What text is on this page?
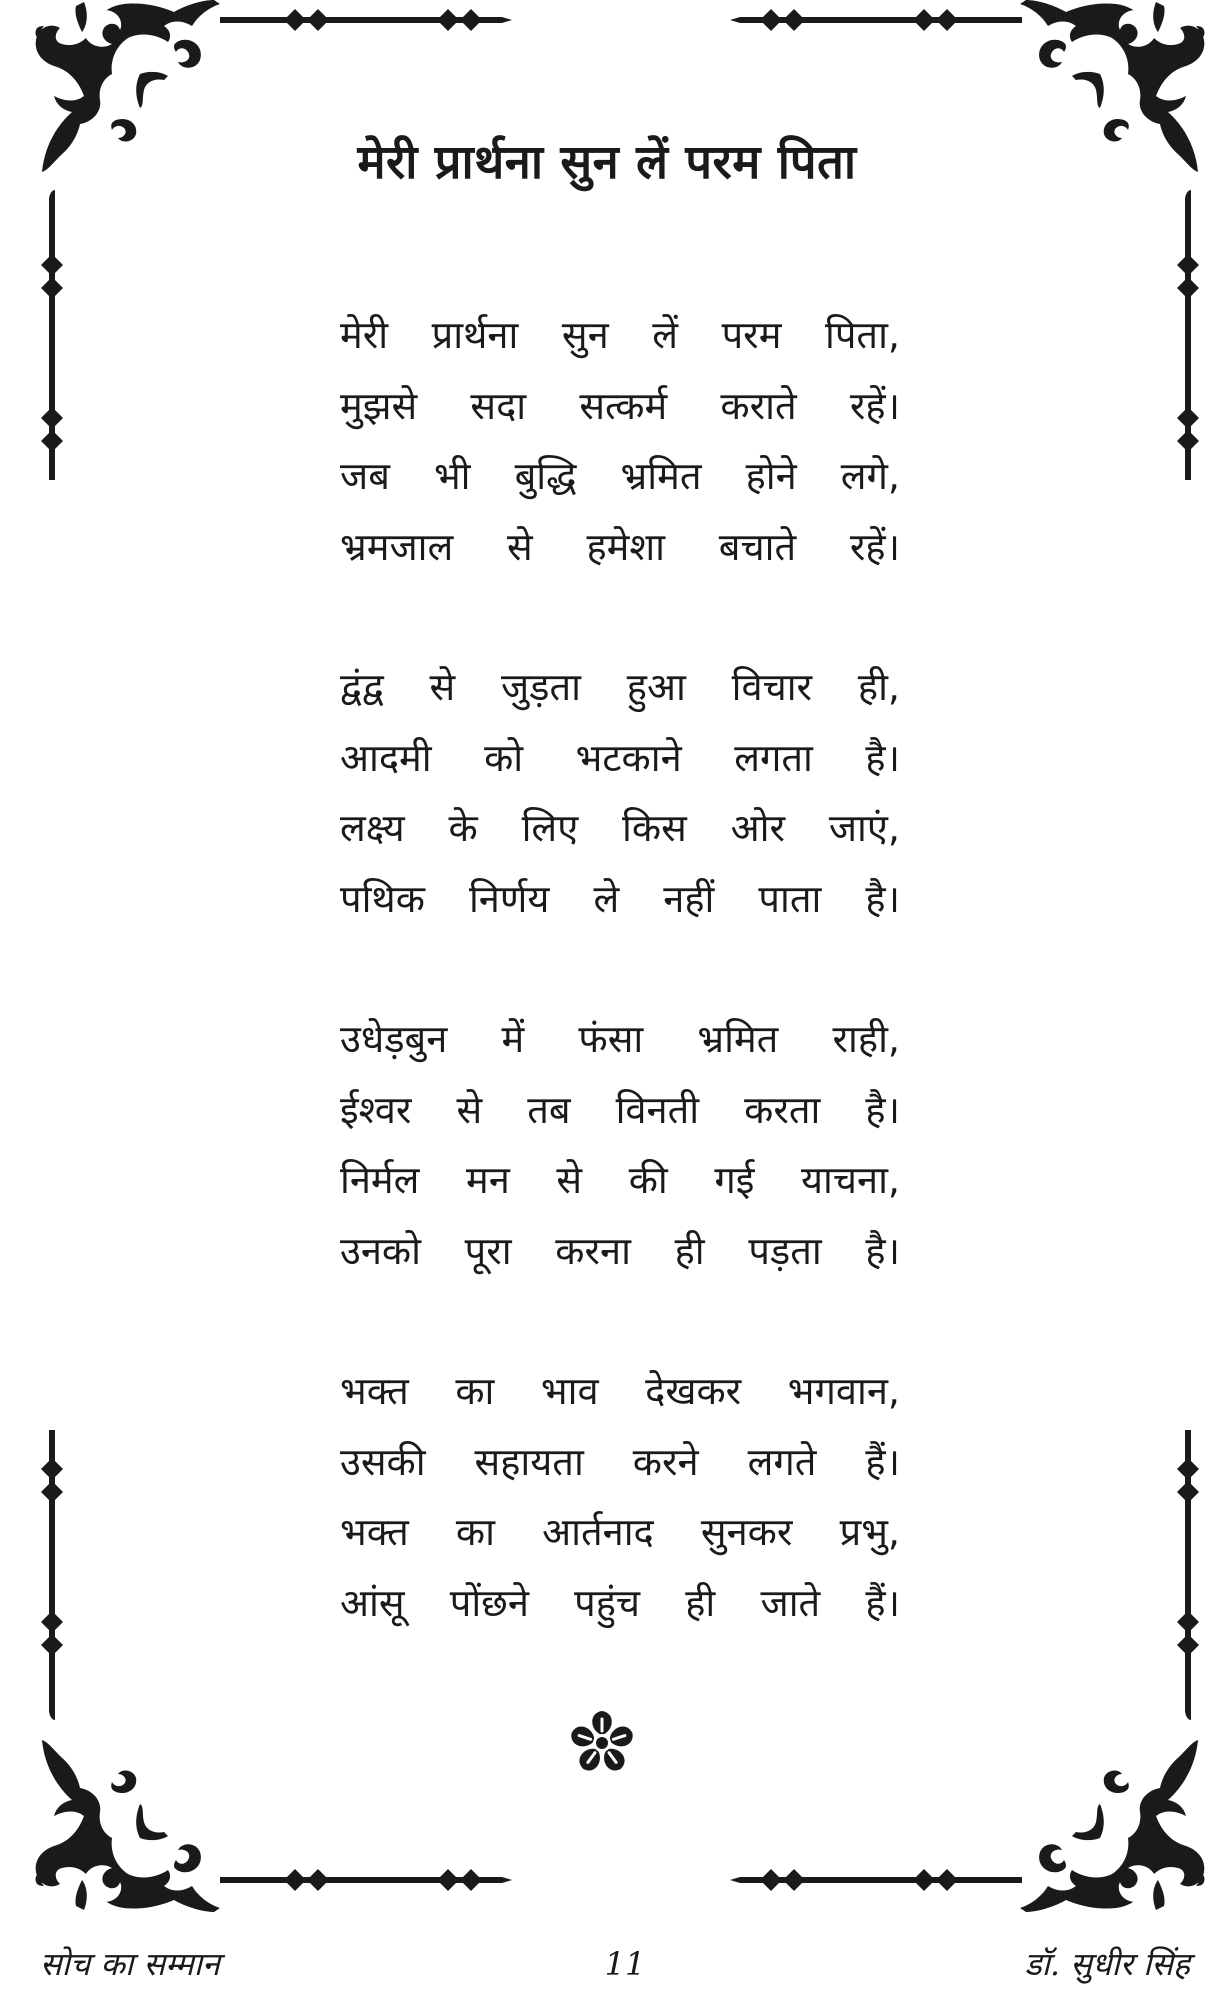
मेरी प्रार्थना सुन लें परम पिता
मेरी प्रार्थना सुन लें परम पिता,
मुझसे सदा सत्कर्म कराते रहें।
जब भी बुद्धि भ्रमित होने लगे,
भ्रमजाल से हमेशा बचाते रहें।
द्वंद्व से जुड़ता हुआ विचार ही,
आदमी को भटकाने लगता है।
लक्ष्य के लिए किस ओर जाएं,
पथिक निर्णय ले नहीं पाता है।
उधेड़बुन में फंसा भ्रमित राही,
ईश्वर से तब विनती करता है।
निर्मल मन से की गई याचना,
उनको पूरा करना ही पड़ता है।
भक्त का भाव देखकर भगवान,
उसकी सहायता करने लगते हैं।
भक्त का आर्तनाद सुनकर प्रभु,
आंसू पोंछने पहुंच ही जाते हैं।
सोच का सम्मान	11	डॉ. सुधीर सिंह
